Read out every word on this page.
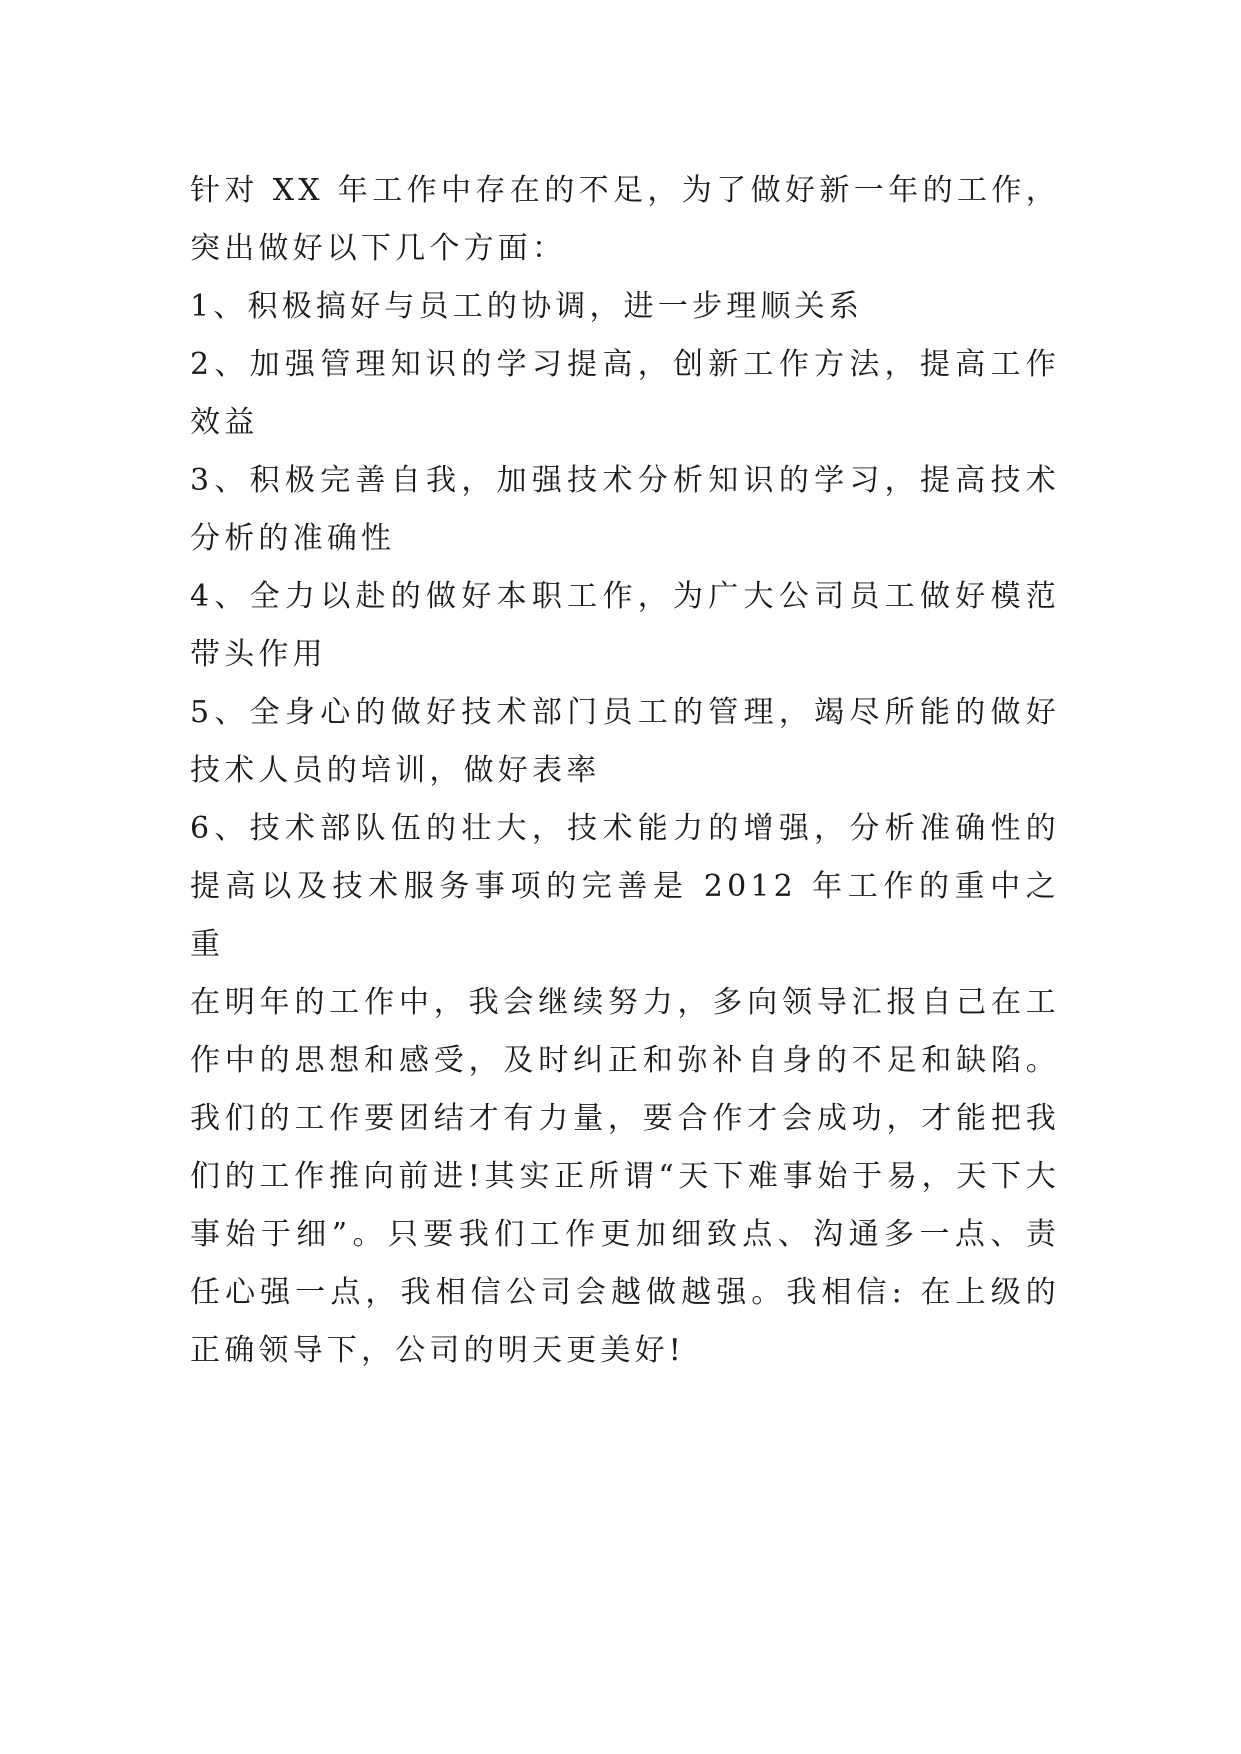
针对 XX 年工作中存在的不足，为了做好新一年的工作，突出做好以下几个方面：

1、积极搞好与员工的协调，进一步理顺关系

2、加强管理知识的学习提高，创新工作方法，提高工作效益

3、积极完善自我，加强技术分析知识的学习，提高技术分析的准确性

4、全力以赴的做好本职工作，为广大公司员工做好模范带头作用

5、全身心的做好技术部门员工的管理，竭尽所能的做好技术人员的培训，做好表率

6、技术部队伍的壮大，技术能力的增强，分析准确性的提高以及技术服务事项的完善是 2012 年工作的重中之重

在明年的工作中，我会继续努力，多向领导汇报自己在工作中的思想和感受，及时纠正和弥补自身的不足和缺陷。我们的工作要团结才有力量，要合作才会成功，才能把我们的工作推向前进!其实正所谓“天下难事始于易，天下大事始于细”。只要我们工作更加细致点、沟通多一点、责任心强一点，我相信公司会越做越强。我相信: 在上级的正确领导下，公司的明天更美好!
